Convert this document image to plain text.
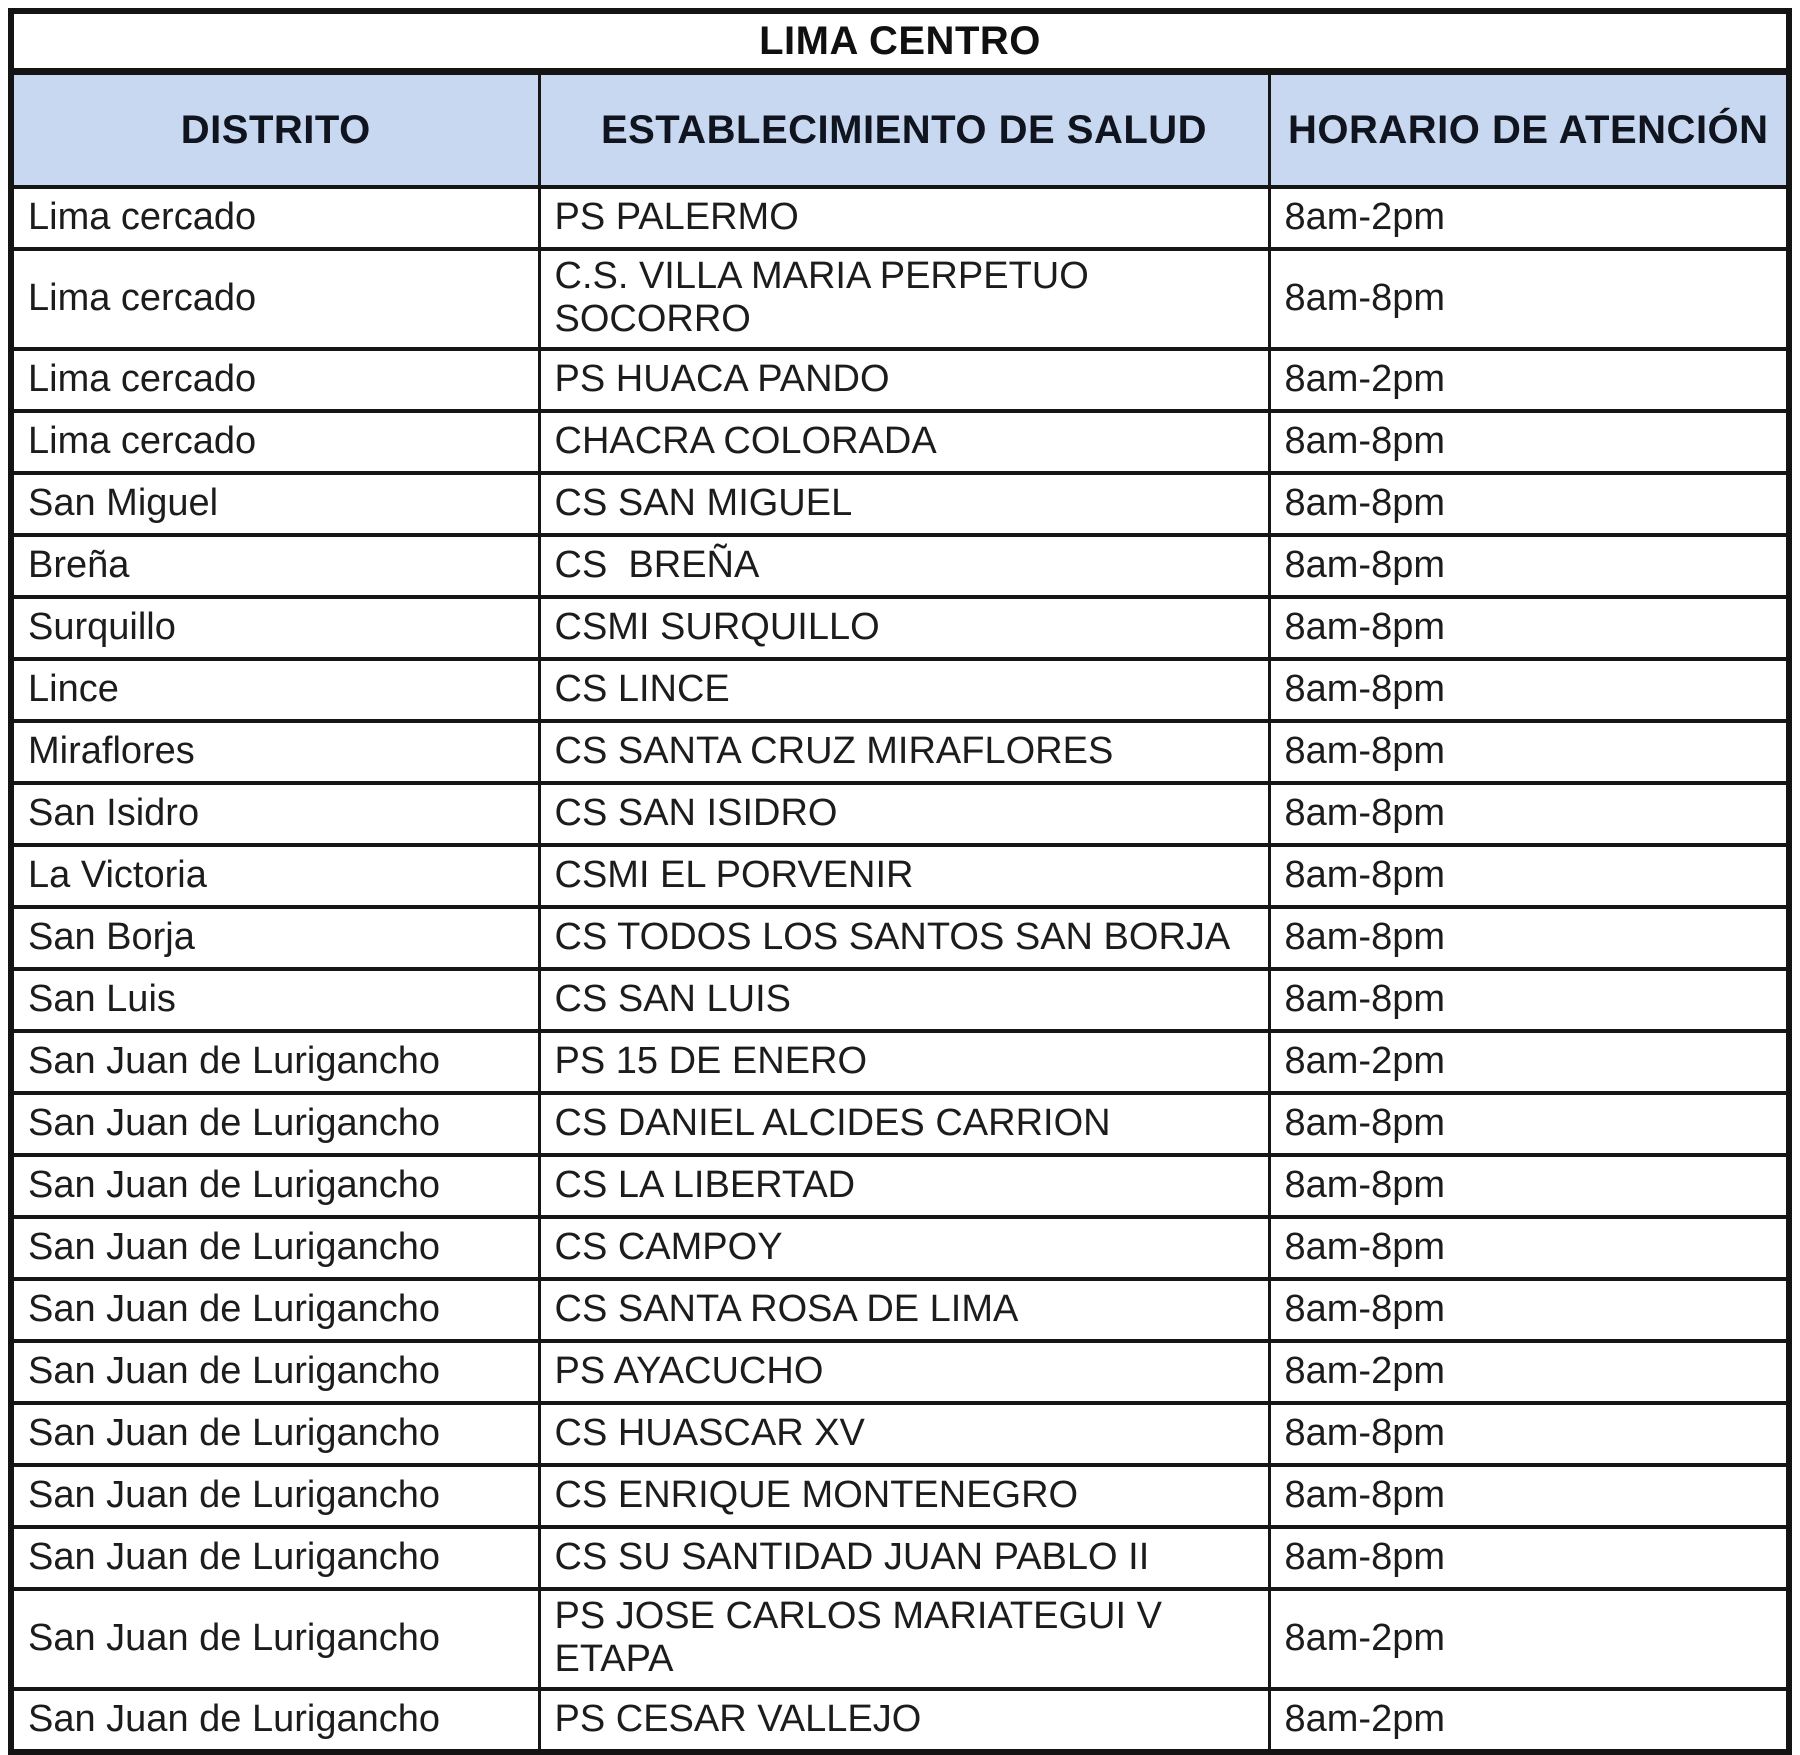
LIMA CENTRO		
DISTRITO	ESTABLECIMIENTO DE SALUD	HORARIO DE ATENCIÓN
Lima cercado	PS PALERMO	8am-2pm
Lima cercado	C.S. VILLA MARIA PERPETUO SOCORRO	8am-8pm
Lima cercado	PS HUACA PANDO	8am-2pm
Lima cercado	CHACRA COLORADA	8am-8pm
San Miguel	CS SAN MIGUEL	8am-8pm
Breña	CS  BREÑA	8am-8pm
Surquillo	CSMI SURQUILLO	8am-8pm
Lince	CS LINCE	8am-8pm
Miraflores	CS SANTA CRUZ MIRAFLORES	8am-8pm
San Isidro	CS SAN ISIDRO	8am-8pm
La Victoria	CSMI EL PORVENIR	8am-8pm
San Borja	CS TODOS LOS SANTOS SAN BORJA	8am-8pm
San Luis	CS SAN LUIS	8am-8pm
San Juan de Lurigancho	PS 15 DE ENERO	8am-2pm
San Juan de Lurigancho	CS DANIEL ALCIDES CARRION	8am-8pm
San Juan de Lurigancho	CS LA LIBERTAD	8am-8pm
San Juan de Lurigancho	CS CAMPOY	8am-8pm
San Juan de Lurigancho	CS SANTA ROSA DE LIMA	8am-8pm
San Juan de Lurigancho	PS AYACUCHO	8am-2pm
San Juan de Lurigancho	CS HUASCAR XV	8am-8pm
San Juan de Lurigancho	CS ENRIQUE MONTENEGRO	8am-8pm
San Juan de Lurigancho	CS SU SANTIDAD JUAN PABLO II	8am-8pm
San Juan de Lurigancho	PS JOSE CARLOS MARIATEGUI V ETAPA	8am-2pm
San Juan de Lurigancho	PS CESAR VALLEJO	8am-2pm
